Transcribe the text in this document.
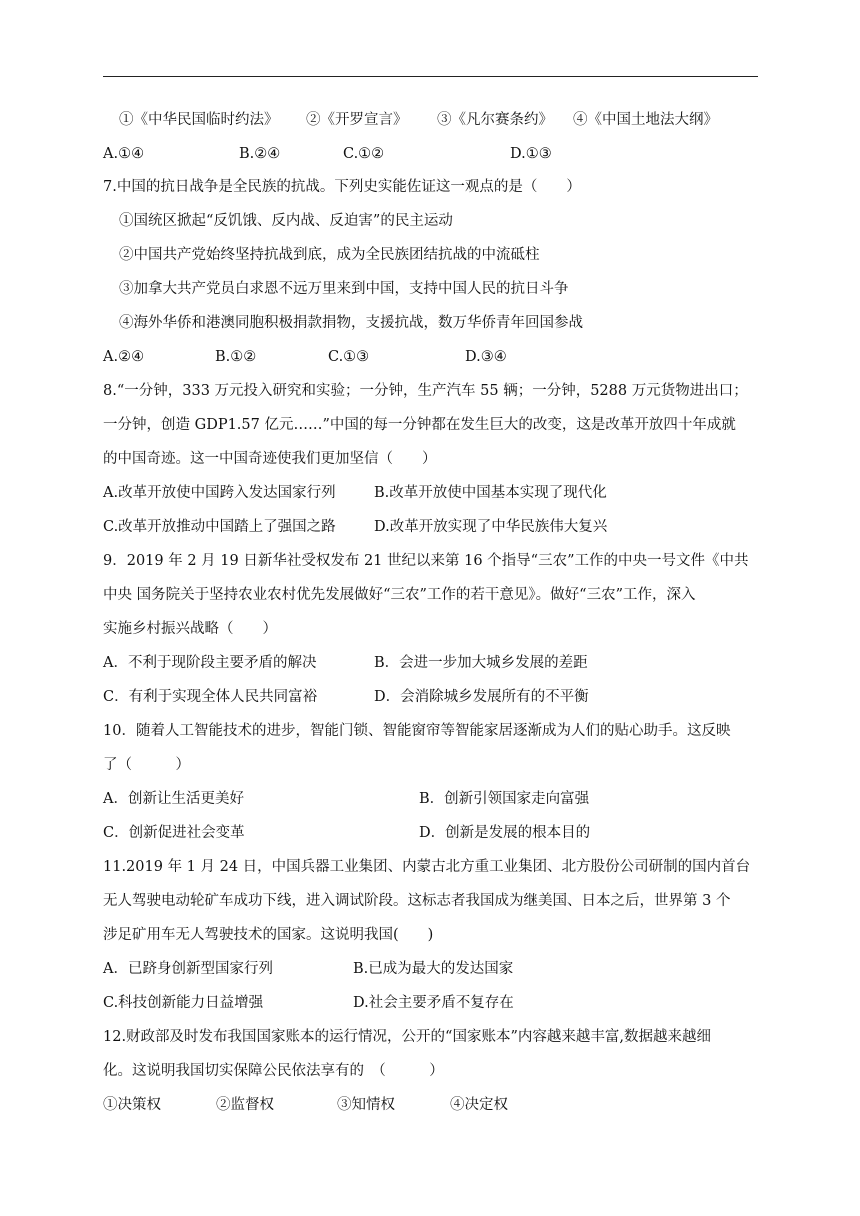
①《中华民国临时约法》 ②《开罗宣言》 ③《凡尔赛条约》 ④《中国土地法大纲》
A.①④	B.②④	C.①②	D.①③
7.中国的抗日战争是全民族的抗战。下列史实能佐证这一观点的是（　　）
①国统区掀起“反饥饿、反内战、反迫害”的民主运动
②中国共产党始终坚持抗战到底，成为全民族团结抗战的中流砥柱
③加拿大共产党员白求恩不远万里来到中国，支持中国人民的抗日斗争
④海外华侨和港澳同胞积极捐款捐物，支援抗战，数万华侨青年回国参战
A.②④	B.①②	C.①③	D.③④
8.“一分钟，333 万元投入研究和实验；一分钟，生产汽车 55 辆；一分钟，5288 万元货物进出口；
一分钟，创造 GDP1.57 亿元……”中国的每一分钟都在发生巨大的改变，这是改革开放四十年成就
的中国奇迹。这一中国奇迹使我们更加坚信（　　）
A.改革开放使中国跨入发达国家行列	B.改革开放使中国基本实现了现代化
C.改革开放推动中国踏上了强国之路	D.改革开放实现了中华民族伟大复兴
9．2019 年 2 月 19 日新华社受权发布 21 世纪以来第 16 个指导“三农”工作的中央一号文件《中共
中央 国务院关于坚持农业农村优先发展做好“三农”工作的若干意见》。做好“三农”工作，深入
实施乡村振兴战略（　　）
A．不利于现阶段主要矛盾的解决	B．会进一步加大城乡发展的差距
C．有利于实现全体人民共同富裕	D．会消除城乡发展所有的不平衡
10．随着人工智能技术的进步，智能门锁、智能窗帘等智能家居逐渐成为人们的贴心助手。这反映
了（　　　）
A．创新让生活更美好	B．创新引领国家走向富强
C．创新促进社会变革	D．创新是发展的根本目的
11.2019 年 1 月 24 日，中国兵器工业集团、内蒙古北方重工业集团、北方股份公司研制的国内首台
无人驾驶电动轮矿车成功下线，进入调试阶段。这标志者我国成为继美国、日本之后，世界第 3 个
涉足矿用车无人驾驶技术的国家。这说明我国(　　)
A．已跻身创新型国家行列	B.已成为最大的发达国家
C.科技创新能力日益增强	D.社会主要矛盾不复存在
12.财政部及时发布我国国家账本的运行情况，公开的“国家账本”内容越来越丰富,数据越来越细
化。这说明我国切实保障公民依法享有的　（　　　）
①决策权	②监督权	③知情权	④决定权
